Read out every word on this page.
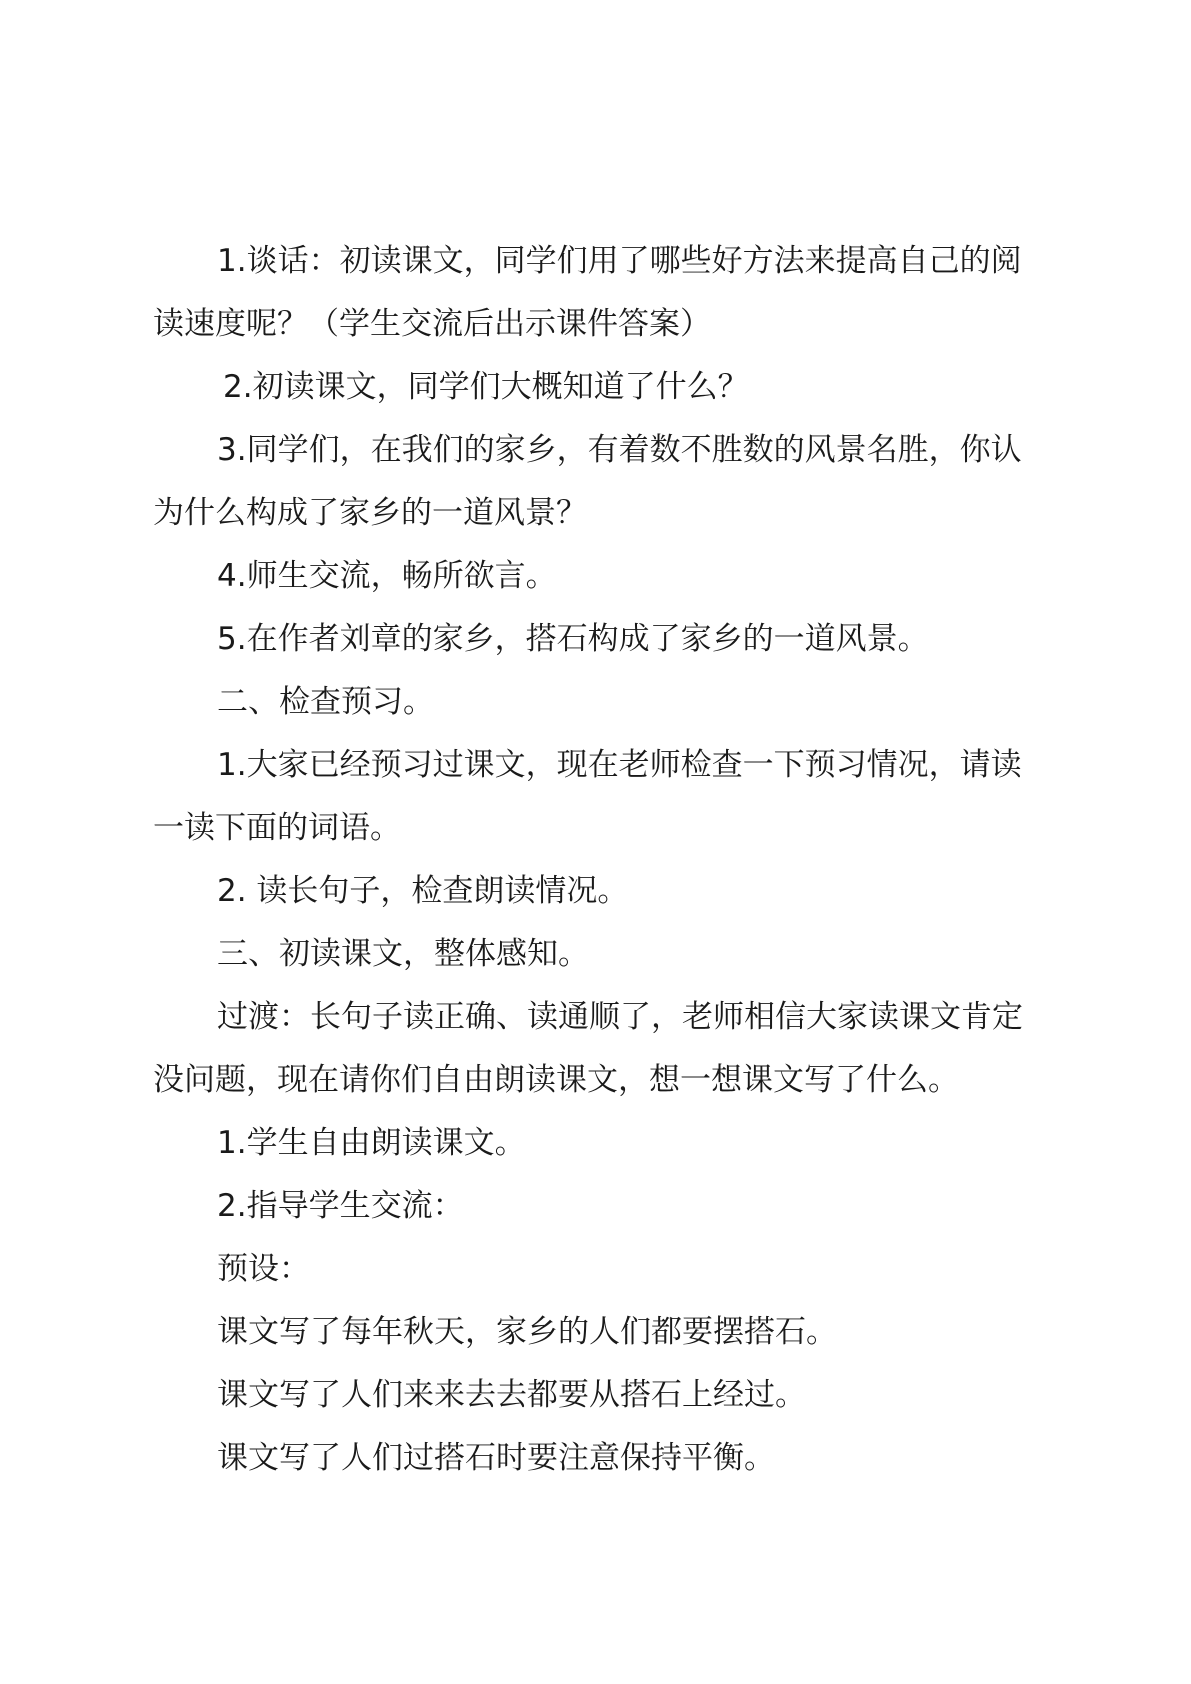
1.谈话：初读课文，同学们用了哪些好方法来提高自己的阅读速度呢？（学生交流后出示课件答案）

2.初读课文，同学们大概知道了什么？

3.同学们，在我们的家乡，有着数不胜数的风景名胜，你认为什么构成了家乡的一道风景？

4.师生交流，畅所欲言。

5.在作者刘章的家乡，搭石构成了家乡的一道风景。

二、检查预习。

1.大家已经预习过课文，现在老师检查一下预习情况，请读一读下面的词语。

2. 读长句子，检查朗读情况。

三、初读课文，整体感知。

过渡：长句子读正确、读通顺了，老师相信大家读课文肯定没问题，现在请你们自由朗读课文，想一想课文写了什么。

1.学生自由朗读课文。

2.指导学生交流：

预设：

课文写了每年秋天，家乡的人们都要摆搭石。

课文写了人们来来去去都要从搭石上经过。

课文写了人们过搭石时要注意保持平衡。
